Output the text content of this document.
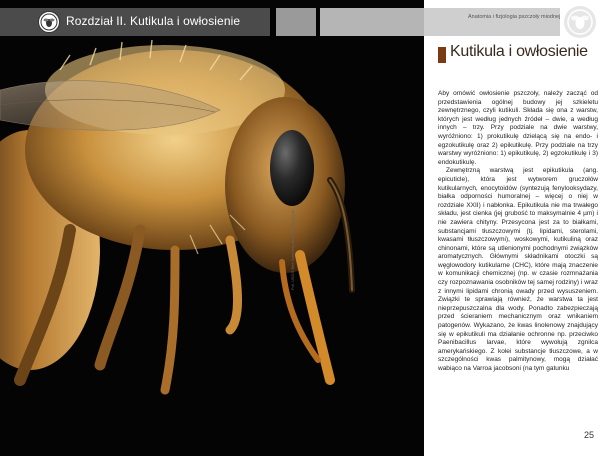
Rozdział II. Kutikula i owłosienie
Fot. USGS Bee Inventory and Monitoring Lab
Anatomia i fizjologia pszczoły miodnej
Kutikula i owłosienie

Aby omówić owłosienie pszczoły, należy zacząć od przedstawienia ogólnej budowy jej szkieletu zewnętrznego, czyli kutikuli. Składa się ona z warstw, których jest według jednych źródeł – dwie, a według innych – trzy. Przy podziale na dwie warstwy, wyróżniono: 1) prokutikulę dzielącą się na endo- i egzokutikulę oraz 2) epikutikulę. Przy podziale na trzy warstwy wyróżniono: 1) epikutikulę, 2) egzokutikulę i 3) endokutikulę.

Zewnętrzną warstwą jest epikutikula (ang. epicuticle), która jest wytworem gruczołów kutikularnych, enocytoidów (syntezują fenylooksydazy, białka odporności humoralnej – więcej o niej w rozdziale XXII) i nabłonka. Epikutikula nie ma trwałego składu, jest cienka (jej grubość to maksymalnie 4 µm) i nie zawiera chityny. Przesycona jest za to białkami, substancjami tłuszczowymi (tj. lipidami, sterolami, kwasami tłuszczowymi), woskowymi, kutikuliną oraz chinonami, które są utlenionymi pochodnymi związków aromatycznych. Głównymi składnikami otoczki są węglowodory kutikularne (CHC), które mają znaczenie w komunikacji chemicznej (np. w czasie rozmnażania czy rozpoznawania osobników tej samej rodziny) i wraz z innymi lipidami chronią owady przed wysuszeniem. Związki te sprawiają również, że warstwa ta jest nieprzepuszczalna dla wody. Ponadto zabezpieczają przed ścieraniem mechanicznym oraz wnikaniem patogenów. Wykazano, że kwas linolenowy znajdujący się w epikutikuli ma działanie ochronne np. przeciwko Paenibacillus larvae, które wywołują zgnilca amerykańskiego. Z kolei substancje tłuszczowe, a w szczególności kwas palmitynowy, mogą działać wabiąco na Varroa jacobsoni (na tym gatunku

25
